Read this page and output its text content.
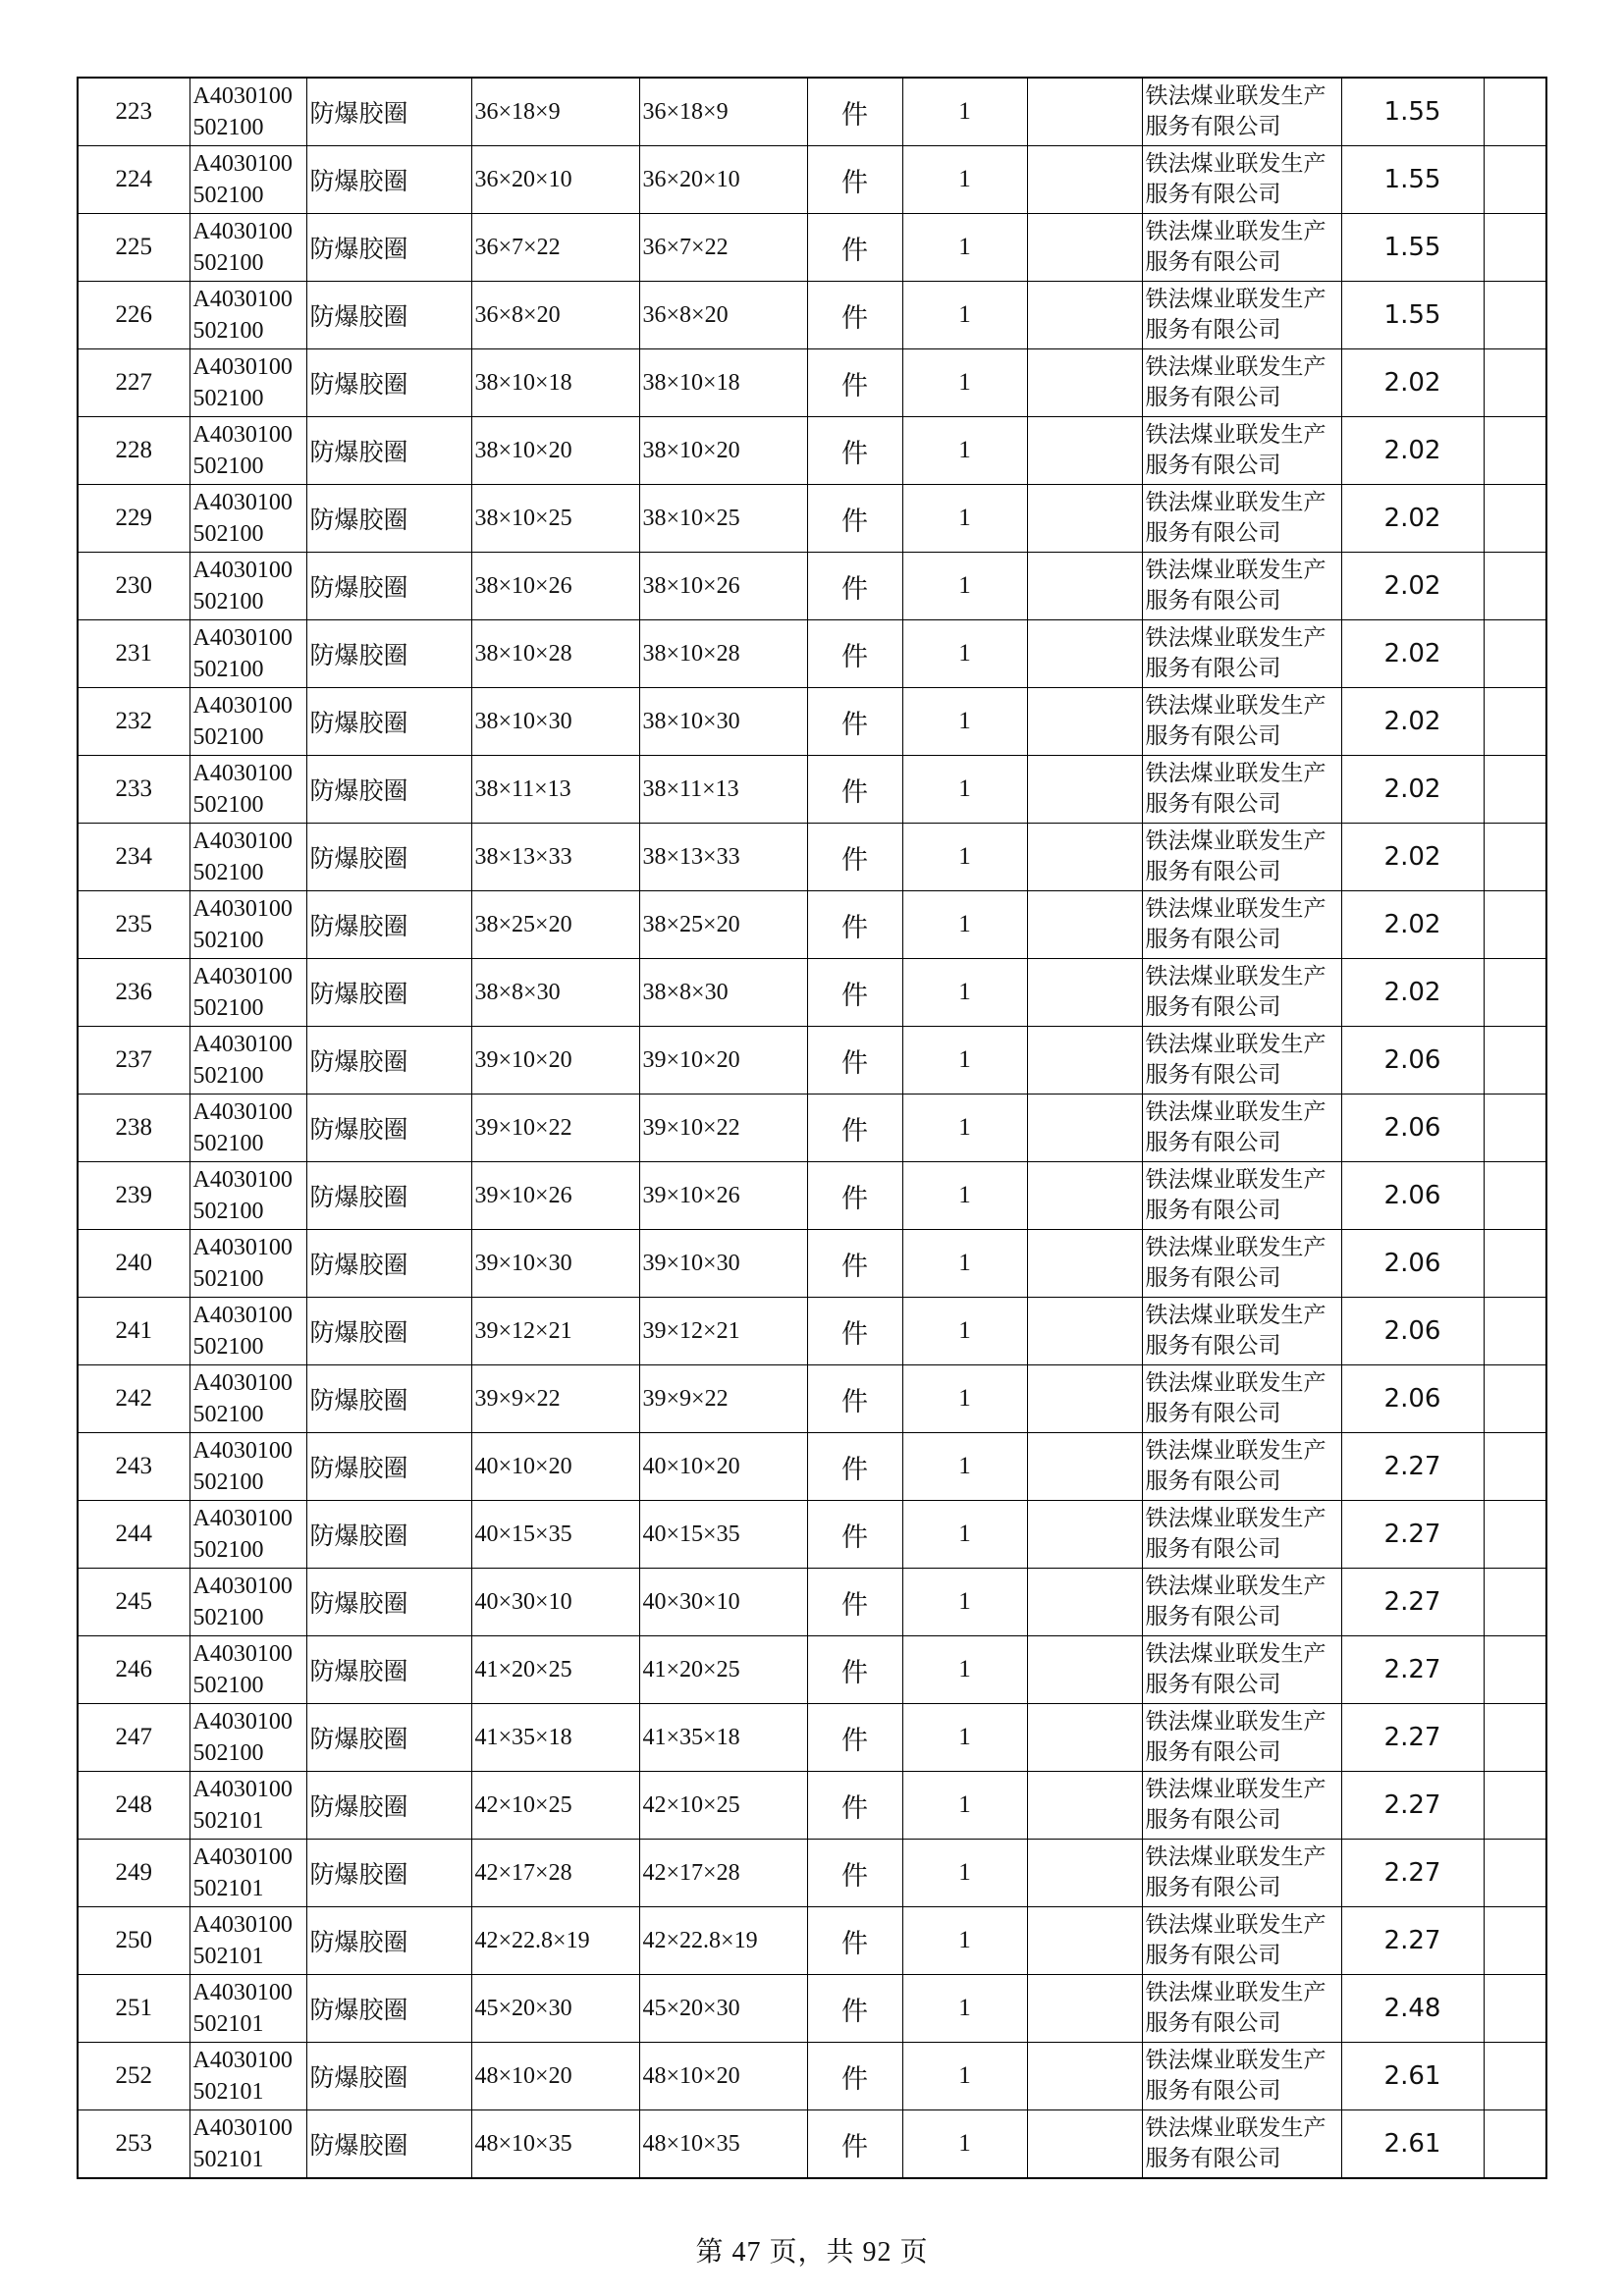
223	A4030100502100	防爆胶圈	36×18×9	36×18×9	件	1		铁法煤业联发生产服务有限公司	1.55	
224	A4030100502100	防爆胶圈	36×20×10	36×20×10	件	1		铁法煤业联发生产服务有限公司	1.55	
225	A4030100502100	防爆胶圈	36×7×22	36×7×22	件	1		铁法煤业联发生产服务有限公司	1.55	
226	A4030100502100	防爆胶圈	36×8×20	36×8×20	件	1		铁法煤业联发生产服务有限公司	1.55	
227	A4030100502100	防爆胶圈	38×10×18	38×10×18	件	1		铁法煤业联发生产服务有限公司	2.02	
228	A4030100502100	防爆胶圈	38×10×20	38×10×20	件	1		铁法煤业联发生产服务有限公司	2.02	
229	A4030100502100	防爆胶圈	38×10×25	38×10×25	件	1		铁法煤业联发生产服务有限公司	2.02	
230	A4030100502100	防爆胶圈	38×10×26	38×10×26	件	1		铁法煤业联发生产服务有限公司	2.02	
231	A4030100502100	防爆胶圈	38×10×28	38×10×28	件	1		铁法煤业联发生产服务有限公司	2.02	
232	A4030100502100	防爆胶圈	38×10×30	38×10×30	件	1		铁法煤业联发生产服务有限公司	2.02	
233	A4030100502100	防爆胶圈	38×11×13	38×11×13	件	1		铁法煤业联发生产服务有限公司	2.02	
234	A4030100502100	防爆胶圈	38×13×33	38×13×33	件	1		铁法煤业联发生产服务有限公司	2.02	
235	A4030100502100	防爆胶圈	38×25×20	38×25×20	件	1		铁法煤业联发生产服务有限公司	2.02	
236	A4030100502100	防爆胶圈	38×8×30	38×8×30	件	1		铁法煤业联发生产服务有限公司	2.02	
237	A4030100502100	防爆胶圈	39×10×20	39×10×20	件	1		铁法煤业联发生产服务有限公司	2.06	
238	A4030100502100	防爆胶圈	39×10×22	39×10×22	件	1		铁法煤业联发生产服务有限公司	2.06	
239	A4030100502100	防爆胶圈	39×10×26	39×10×26	件	1		铁法煤业联发生产服务有限公司	2.06	
240	A4030100502100	防爆胶圈	39×10×30	39×10×30	件	1		铁法煤业联发生产服务有限公司	2.06	
241	A4030100502100	防爆胶圈	39×12×21	39×12×21	件	1		铁法煤业联发生产服务有限公司	2.06	
242	A4030100502100	防爆胶圈	39×9×22	39×9×22	件	1		铁法煤业联发生产服务有限公司	2.06	
243	A4030100502100	防爆胶圈	40×10×20	40×10×20	件	1		铁法煤业联发生产服务有限公司	2.27	
244	A4030100502100	防爆胶圈	40×15×35	40×15×35	件	1		铁法煤业联发生产服务有限公司	2.27	
245	A4030100502100	防爆胶圈	40×30×10	40×30×10	件	1		铁法煤业联发生产服务有限公司	2.27	
246	A4030100502100	防爆胶圈	41×20×25	41×20×25	件	1		铁法煤业联发生产服务有限公司	2.27	
247	A4030100502100	防爆胶圈	41×35×18	41×35×18	件	1		铁法煤业联发生产服务有限公司	2.27	
248	A4030100502101	防爆胶圈	42×10×25	42×10×25	件	1		铁法煤业联发生产服务有限公司	2.27	
249	A4030100502101	防爆胶圈	42×17×28	42×17×28	件	1		铁法煤业联发生产服务有限公司	2.27	
250	A4030100502101	防爆胶圈	42×22.8×19	42×22.8×19	件	1		铁法煤业联发生产服务有限公司	2.27	
251	A4030100502101	防爆胶圈	45×20×30	45×20×30	件	1		铁法煤业联发生产服务有限公司	2.48	
252	A4030100502101	防爆胶圈	48×10×20	48×10×20	件	1		铁法煤业联发生产服务有限公司	2.61	
253	A4030100502101	防爆胶圈	48×10×35	48×10×35	件	1		铁法煤业联发生产服务有限公司	2.61	
第 47 页，共 92 页
